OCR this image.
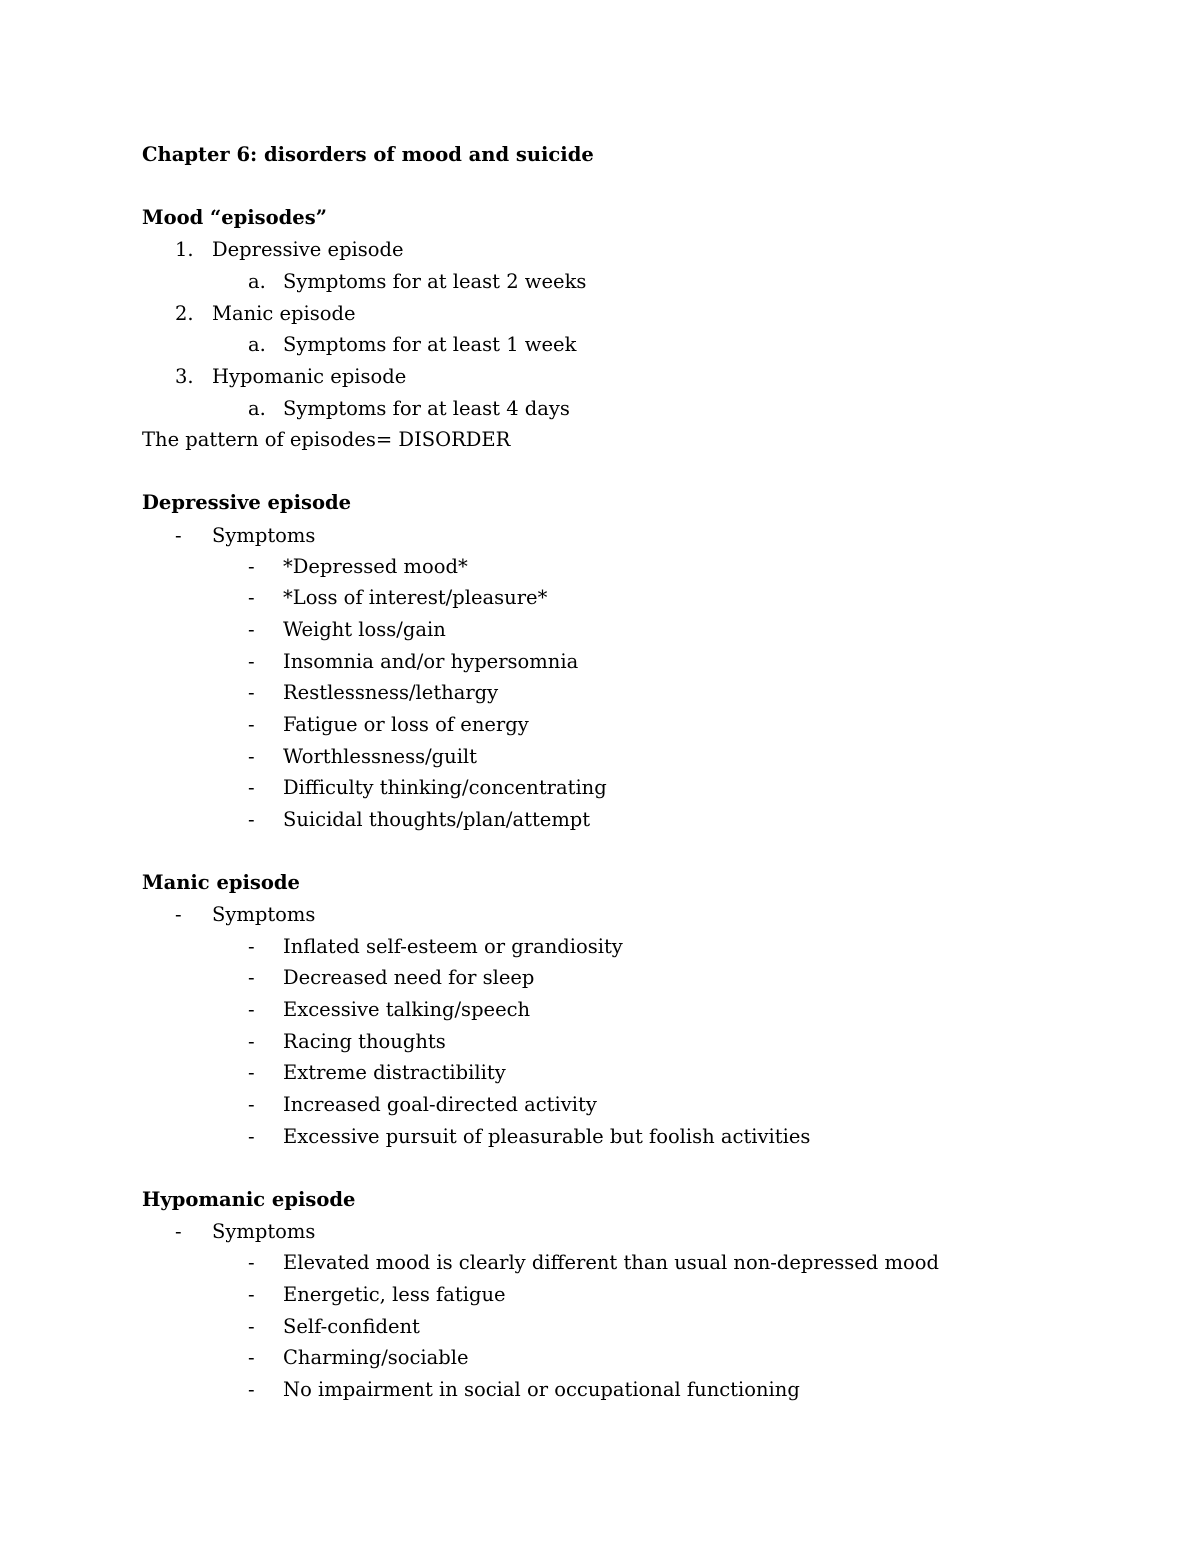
Chapter 6: disorders of mood and suicide
Mood “episodes”
1. Depressive episode
a. Symptoms for at least 2 weeks
2. Manic episode
a. Symptoms for at least 1 week
3. Hypomanic episode
a. Symptoms for at least 4 days
The pattern of episodes= DISORDER
Depressive episode
- Symptoms
- *Depressed mood*
- *Loss of interest/pleasure*
- Weight loss/gain
- Insomnia and/or hypersomnia
- Restlessness/lethargy
- Fatigue or loss of energy
- Worthlessness/guilt
- Difficulty thinking/concentrating
- Suicidal thoughts/plan/attempt
Manic episode
- Symptoms
- Inflated self-esteem or grandiosity
- Decreased need for sleep
- Excessive talking/speech
- Racing thoughts
- Extreme distractibility
- Increased goal-directed activity
- Excessive pursuit of pleasurable but foolish activities
Hypomanic episode
- Symptoms
- Elevated mood is clearly different than usual non-depressed mood
- Energetic, less fatigue
- Self-confident
- Charming/sociable
- No impairment in social or occupational functioning
